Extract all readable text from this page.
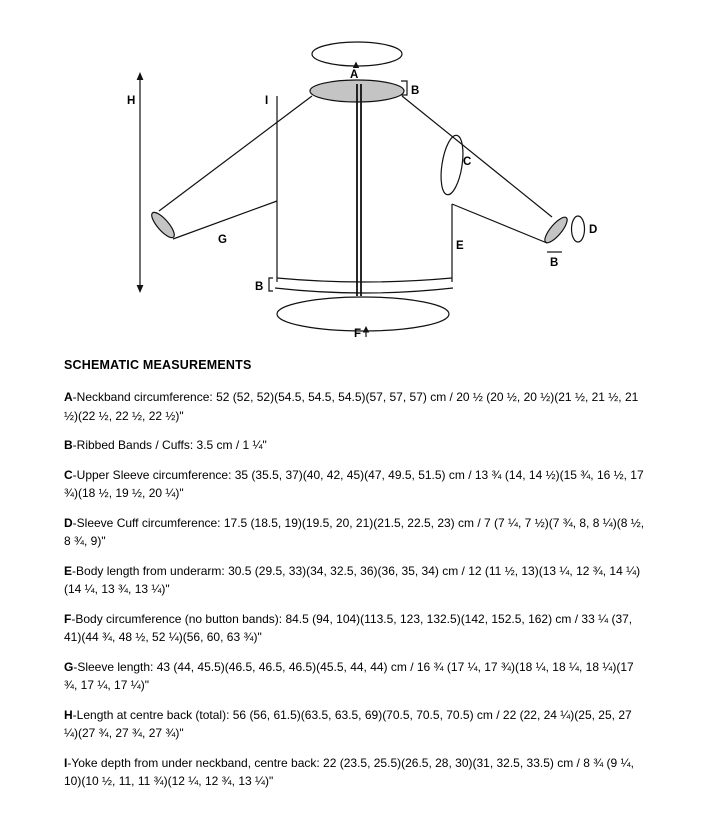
A
B
C
D
E
F
G
H	I
B
B
SCHEMATIC MEASUREMENTS

A-Neckband circumference: 52 (52, 52)(54.5, 54.5, 54.5)(57, 57, 57) cm / 20 ½ (20 ½, 20 ½)(21 ½, 21 ½, 21 ½)(22 ½, 22 ½, 22 ½)"

B-Ribbed Bands / Cuffs: 3.5 cm / 1 ¼"

C-Upper Sleeve circumference: 35 (35.5, 37)(40, 42, 45)(47, 49.5, 51.5) cm / 13 ¾ (14, 14 ½)(15 ¾, 16 ½, 17 ¾)(18 ½, 19 ½, 20 ¼)"

D-Sleeve Cuff circumference: 17.5 (18.5, 19)(19.5, 20, 21)(21.5, 22.5, 23) cm / 7 (7 ¼, 7 ½)(7 ¾, 8, 8 ¼)(8 ½, 8 ¾, 9)"

E-Body length from underarm: 30.5 (29.5, 33)(34, 32.5, 36)(36, 35, 34) cm / 12 (11 ½, 13)(13 ¼, 12 ¾, 14 ¼)(14 ¼, 13 ¾, 13 ¼)"

F-Body circumference (no button bands): 84.5 (94, 104)(113.5, 123, 132.5)(142, 152.5, 162) cm / 33 ¼ (37, 41)(44 ¾, 48 ½, 52 ¼)(56, 60, 63 ¾)"

G-Sleeve length: 43 (44, 45.5)(46.5, 46.5, 46.5)(45.5, 44, 44) cm / 16 ¾ (17 ¼, 17 ¾)(18 ¼, 18 ¼, 18 ¼)(17 ¾, 17 ¼, 17 ¼)"

H-Length at centre back (total): 56 (56, 61.5)(63.5, 63.5, 69)(70.5, 70.5, 70.5) cm / 22 (22, 24 ¼)(25, 25, 27 ¼)(27 ¾, 27 ¾, 27 ¾)"

I-Yoke depth from under neckband, centre back: 22 (23.5, 25.5)(26.5, 28, 30)(31, 32.5, 33.5) cm / 8 ¾ (9 ¼, 10)(10 ½, 11, 11 ¾)(12 ¼, 12 ¾, 13 ¼)"
